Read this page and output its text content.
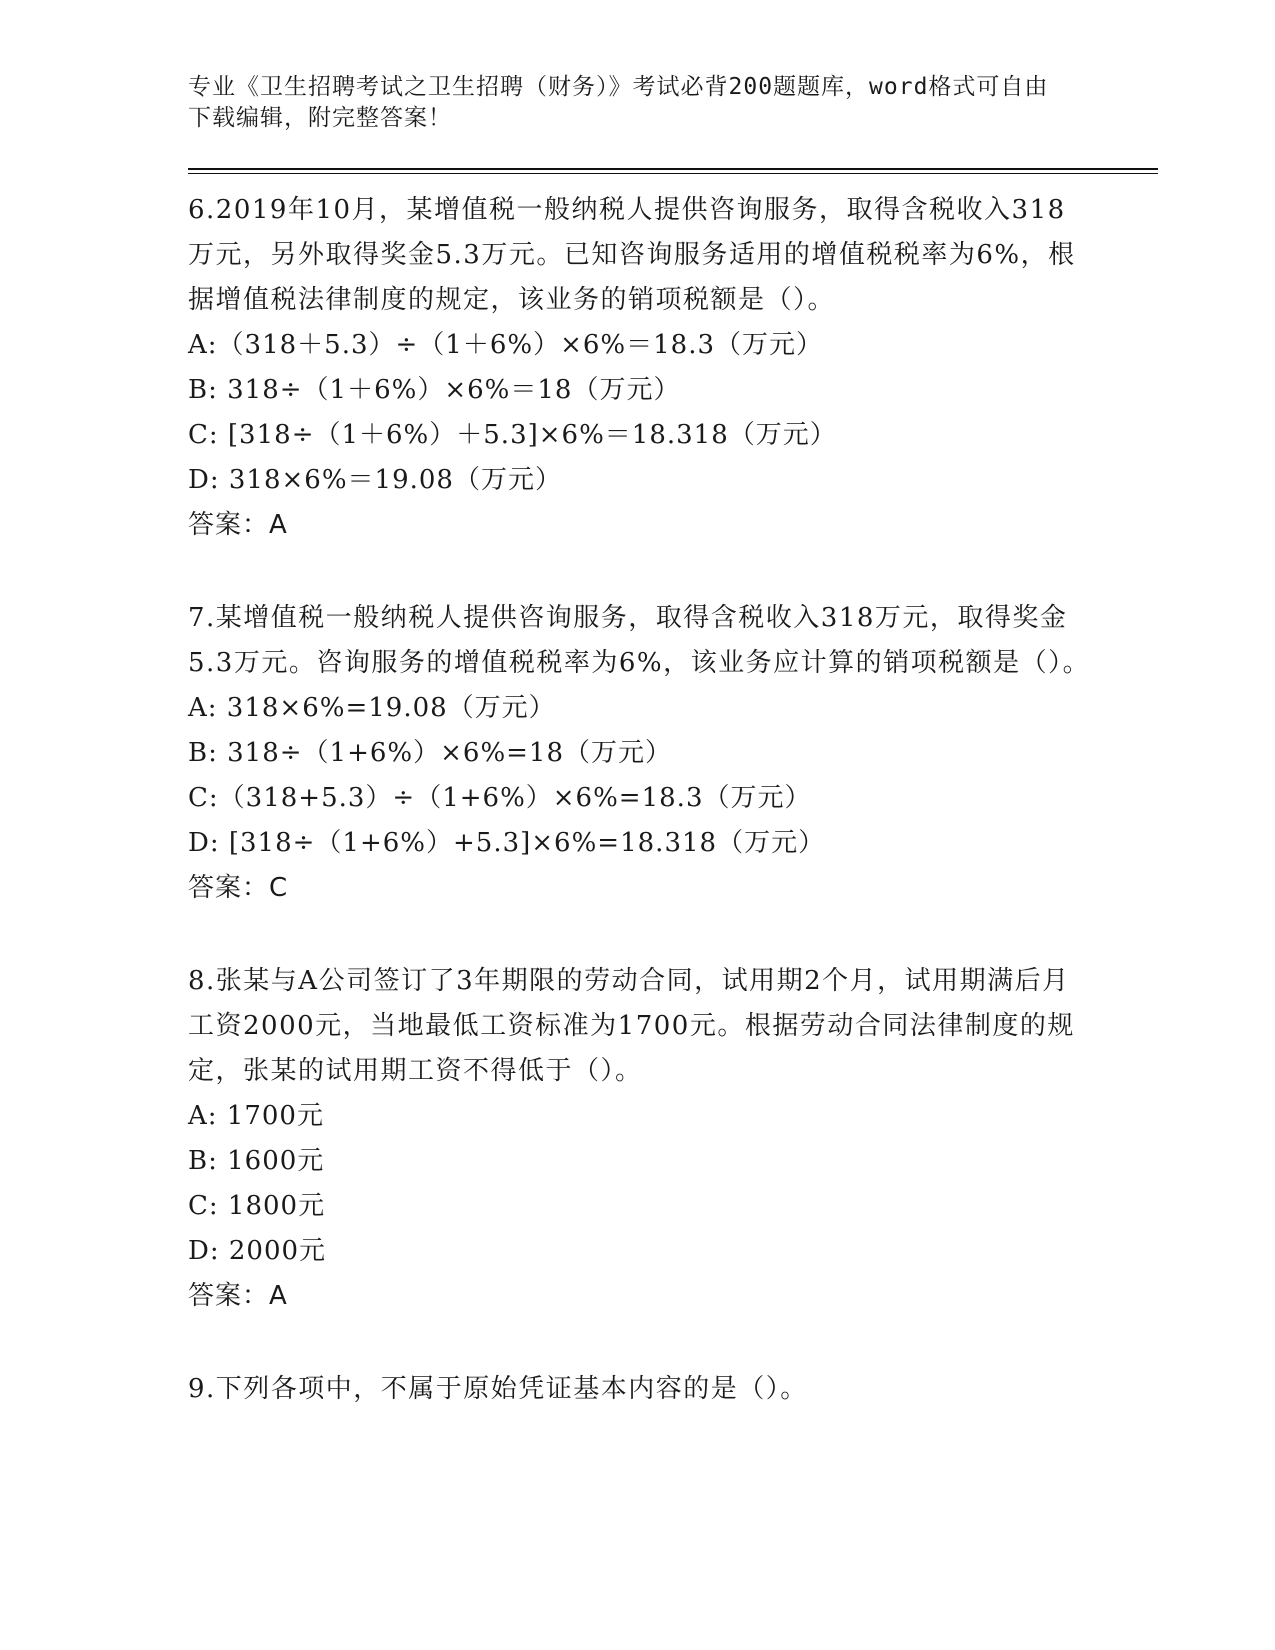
专业《卫生招聘考试之卫生招聘（财务）》考试必背200题题库，word格式可自由下载编辑，附完整答案！
6.2019年10月，某增值税一般纳税人提供咨询服务，取得含税收入318万元，另外取得奖金5.3万元。已知咨询服务适用的增值税税率为6%，根据增值税法律制度的规定，该业务的销项税额是（）。
A:（318＋5.3）÷（1＋6%）×6%＝18.3（万元）
B: 318÷（1＋6%）×6%＝18（万元）
C: [318÷（1＋6%）＋5.3]×6%＝18.318（万元）
D: 318×6%＝19.08（万元）
答案：A
7.某增值税一般纳税人提供咨询服务，取得含税收入318万元，取得奖金5.3万元。咨询服务的增值税税率为6%，该业务应计算的销项税额是（）。
A: 318×6%=19.08（万元）
B: 318÷（1+6%）×6%=18（万元）
C:（318+5.3）÷（1+6%）×6%=18.3（万元）
D: [318÷（1+6%）+5.3]×6%=18.318（万元）
答案：C
8.张某与A公司签订了3年期限的劳动合同，试用期2个月，试用期满后月工资2000元，当地最低工资标准为1700元。根据劳动合同法律制度的规定，张某的试用期工资不得低于（）。
A: 1700元
B: 1600元
C: 1800元
D: 2000元
答案：A
9.下列各项中，不属于原始凭证基本内容的是（）。
